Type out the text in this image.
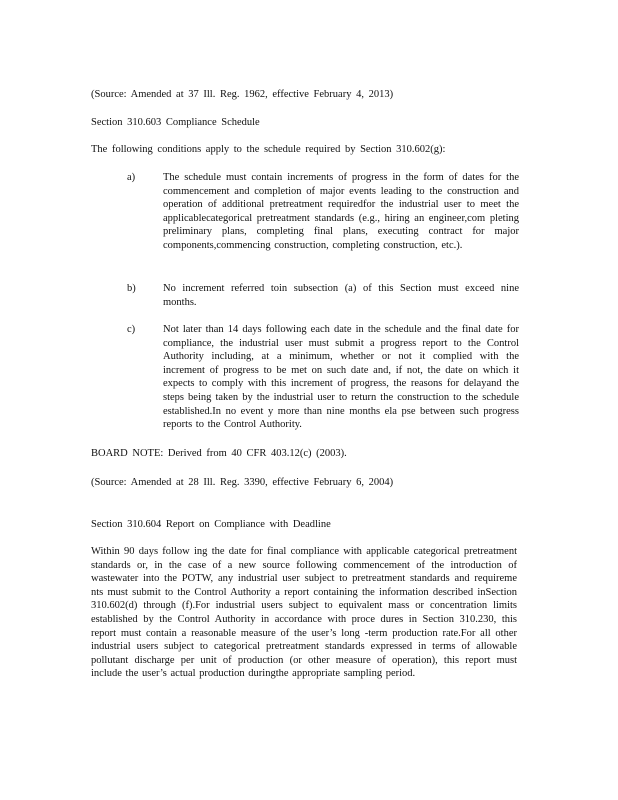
(Source: Amended at 37 Ill. Reg. 1962, effective February 4, 2013)
Section 310.603 Compliance Schedule
The following conditions apply to the schedule required by Section 310.602(g):
a)	The schedule must contain increments of progress in the form of dates for the commencement and completion of major events leading to the construction and operation of additional pretreatment requiredfor the industrial user to meet the applicablecategorical pretreatment standards (e.g., hiring an engineer,com pleting preliminary plans, completing final plans, executing contract for major components,commencing construction, completing construction, etc.).
b)	No increment referred toin subsection (a) of this Section must exceed nine months.
c)	Not later than 14 days following each date in the schedule and the final date for compliance, the industrial user must submit a progress report to the Control Authority including, at a minimum, whether or not it complied with the increment of progress to be met on such date and, if not, the date on which it expects to comply with this increment of progress, the reasons for delayand the steps being taken by the industrial user to return the construction to the schedule established.In no event y more than nine months ela pse between such progress reports to the Control Authority.
BOARD NOTE: Derived from 40 CFR 403.12(c) (2003).
(Source: Amended at 28 Ill. Reg. 3390, effective February 6, 2004)
Section 310.604 Report on Compliance with Deadline
Within 90 days follow ing the date for final compliance with applicable categorical pretreatment standards or, in the case of a new source following commencement of the introduction of wastewater into the POTW, any industrial user subject to pretreatment standards and requireme nts must submit to the Control Authority a report containing the information described inSection 310.602(d) through (f).For industrial users subject to equivalent mass or concentration limits established by the Control Authority in accordance with proce dures in Section 310.230, this report must contain a reasonable measure of the user’s long -term production rate.For all other industrial users subject to categorical pretreatment standards expressed in terms of allowable pollutant discharge per unit of production (or other measure of operation), this report must include the user’s actual production duringthe appropriate sampling period.
